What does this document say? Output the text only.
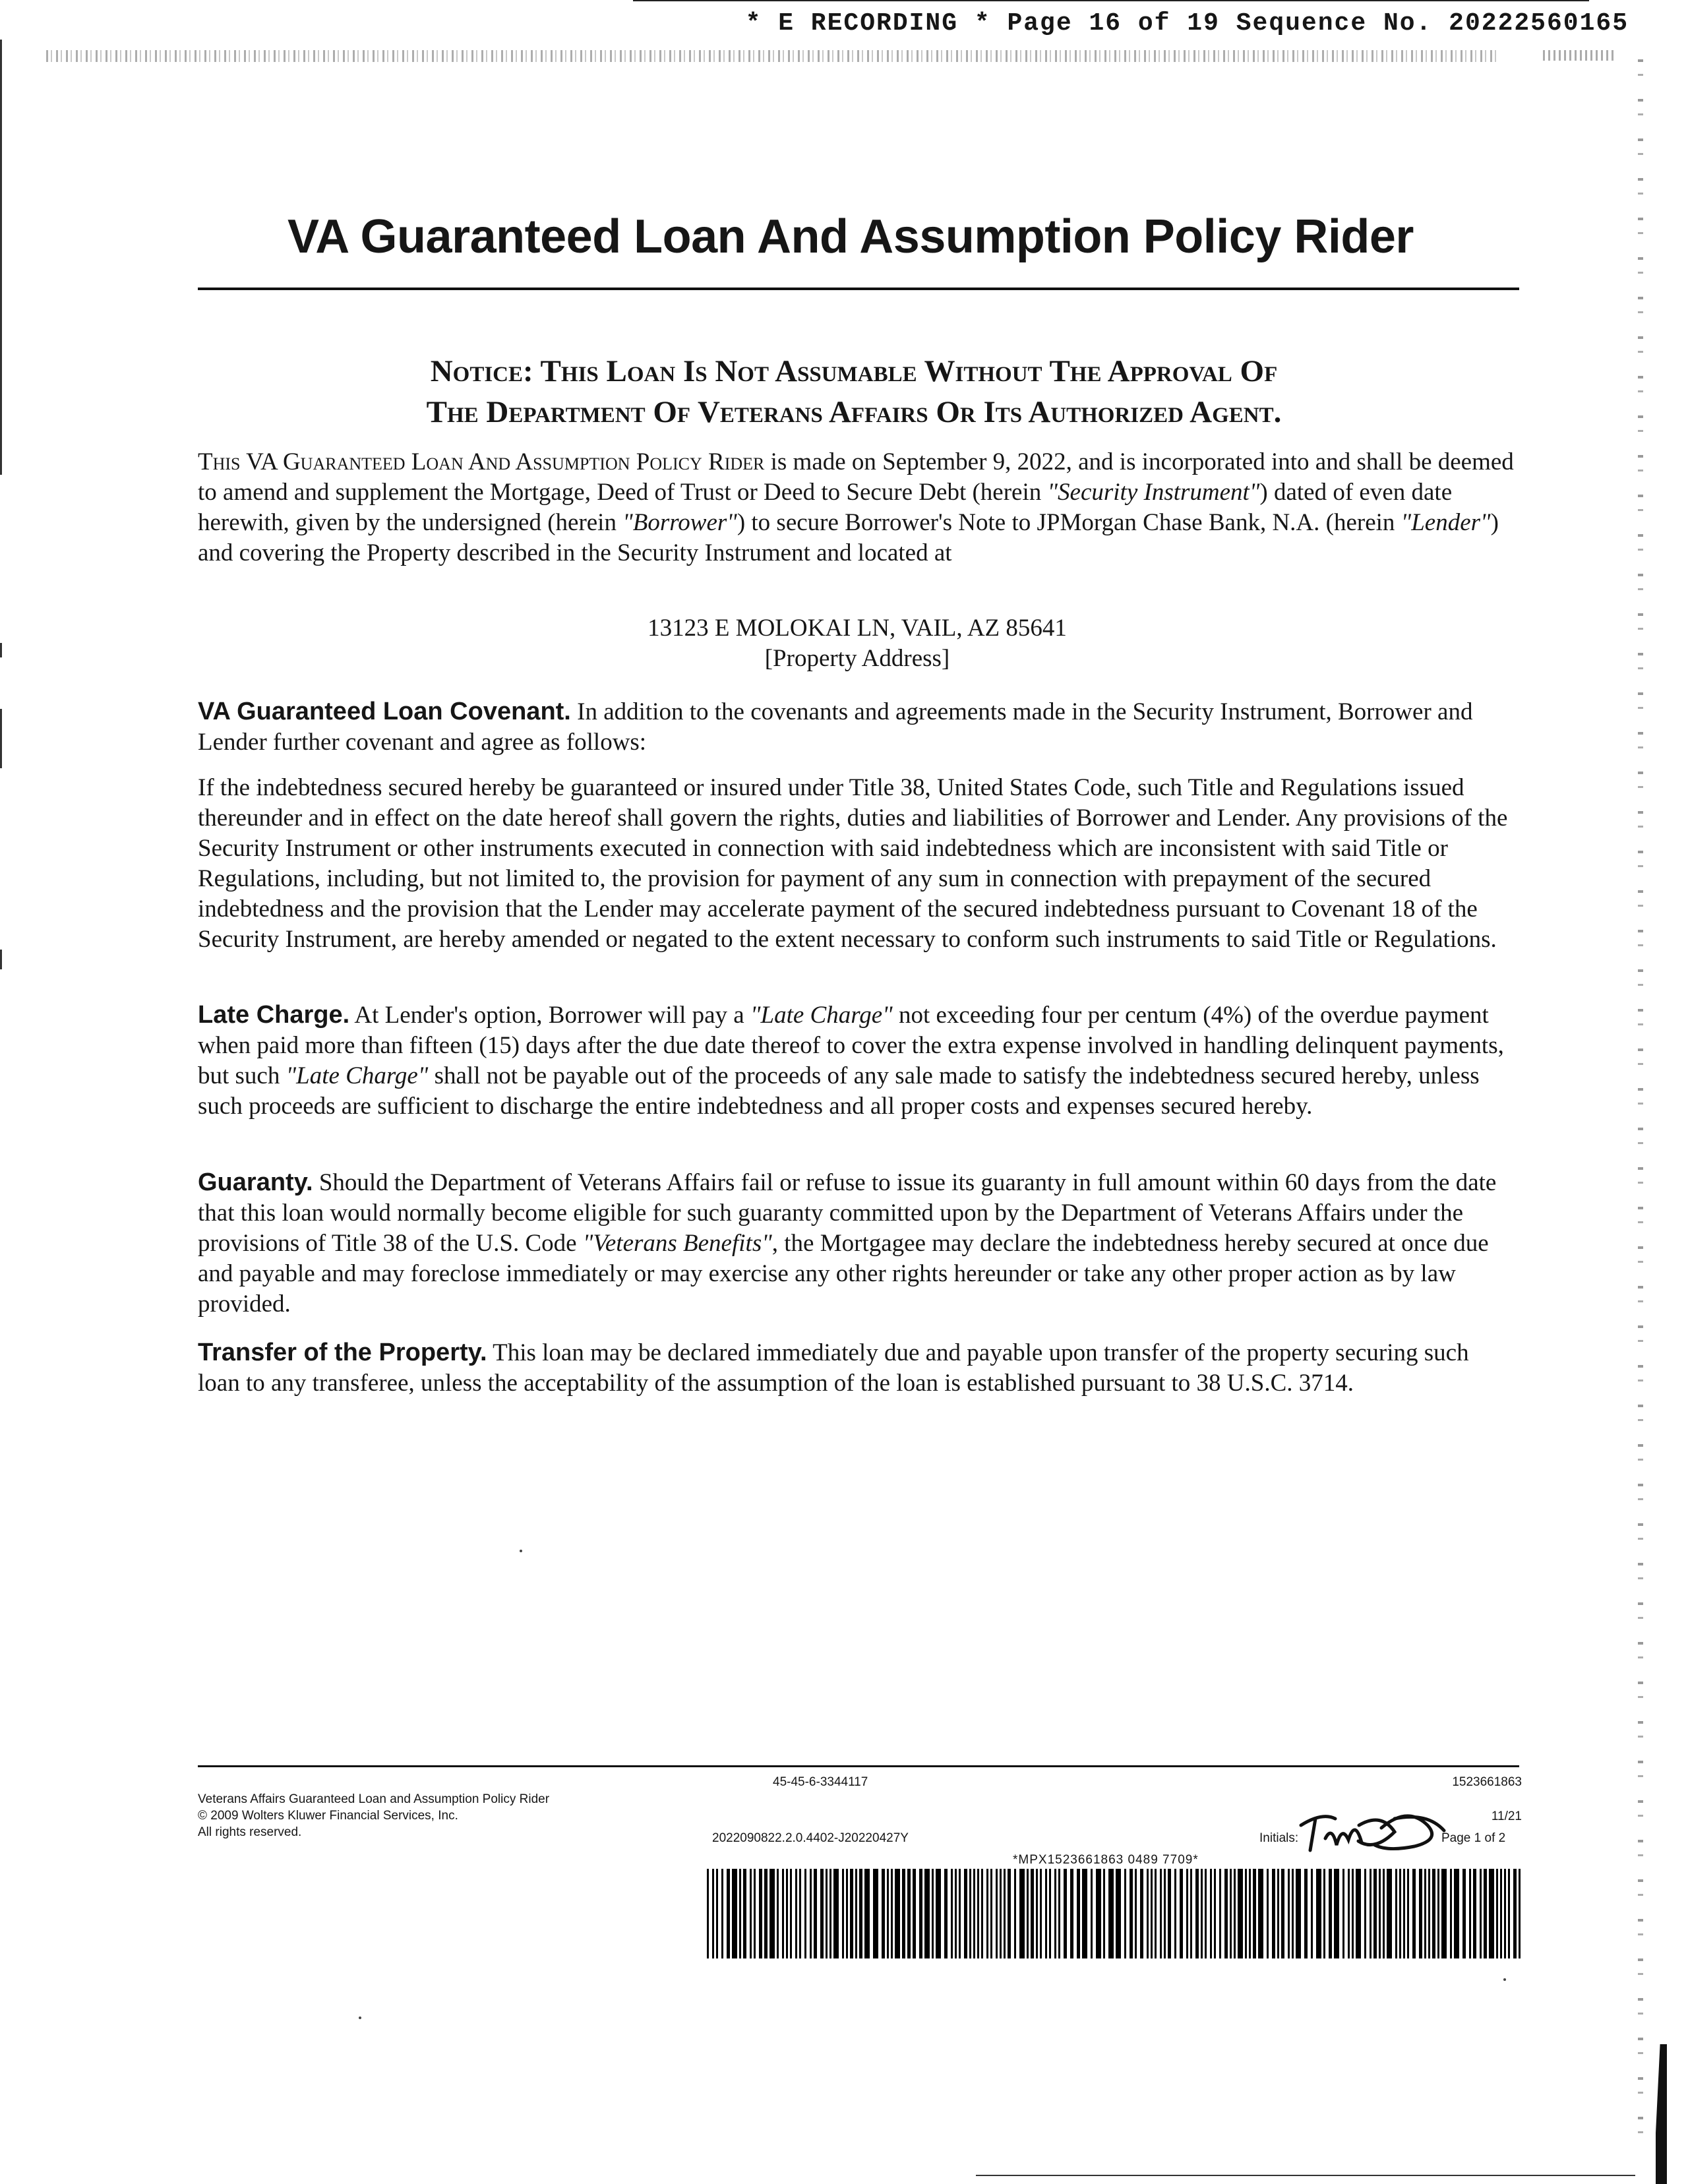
* E RECORDING * Page 16 of 19 Sequence No. 20222560165
VA Guaranteed Loan And Assumption Policy Rider
Notice: This Loan Is Not Assumable Without The Approval Of
The Department Of Veterans Affairs Or Its Authorized Agent.
This VA Guaranteed Loan And Assumption Policy Rider is made on September 9, 2022, and is incorporated into and shall be deemed to amend and supplement the Mortgage, Deed of Trust or Deed to Secure Debt (herein "Security Instrument") dated of even date herewith, given by the undersigned (herein "Borrower") to secure Borrower's Note to JPMorgan Chase Bank, N.A. (herein "Lender") and covering the Property described in the Security Instrument and located at
13123 E MOLOKAI LN, VAIL, AZ 85641
[Property Address]
VA Guaranteed Loan Covenant. In addition to the covenants and agreements made in the Security Instrument, Borrower and Lender further covenant and agree as follows:
If the indebtedness secured hereby be guaranteed or insured under Title 38, United States Code, such Title and Regulations issued thereunder and in effect on the date hereof shall govern the rights, duties and liabilities of Borrower and Lender. Any provisions of the Security Instrument or other instruments executed in connection with said indebtedness which are inconsistent with said Title or Regulations, including, but not limited to, the provision for payment of any sum in connection with prepayment of the secured indebtedness and the provision that the Lender may accelerate payment of the secured indebtedness pursuant to Covenant 18 of the Security Instrument, are hereby amended or negated to the extent necessary to conform such instruments to said Title or Regulations.
Late Charge. At Lender's option, Borrower will pay a "Late Charge" not exceeding four per centum (4%) of the overdue payment when paid more than fifteen (15) days after the due date thereof to cover the extra expense involved in handling delinquent payments, but such "Late Charge" shall not be payable out of the proceeds of any sale made to satisfy the indebtedness secured hereby, unless such proceeds are sufficient to discharge the entire indebtedness and all proper costs and expenses secured hereby.
Guaranty. Should the Department of Veterans Affairs fail or refuse to issue its guaranty in full amount within 60 days from the date that this loan would normally become eligible for such guaranty committed upon by the Department of Veterans Affairs under the provisions of Title 38 of the U.S. Code "Veterans Benefits", the Mortgagee may declare the indebtedness hereby secured at once due and payable and may foreclose immediately or may exercise any other rights hereunder or take any other proper action as by law provided.
Transfer of the Property. This loan may be declared immediately due and payable upon transfer of the property securing such loan to any transferee, unless the acceptability of the assumption of the loan is established pursuant to 38 U.S.C. 3714.
Veterans Affairs Guaranteed Loan and Assumption Policy Rider
© 2009 Wolters Kluwer Financial Services, Inc.
All rights reserved.
45-45-6-3344117	1523661863
2022090822.2.0.4402-J20220427Y
11/21
Initials:	Page 1 of 2
*MPX1523661863 0489 7709*
